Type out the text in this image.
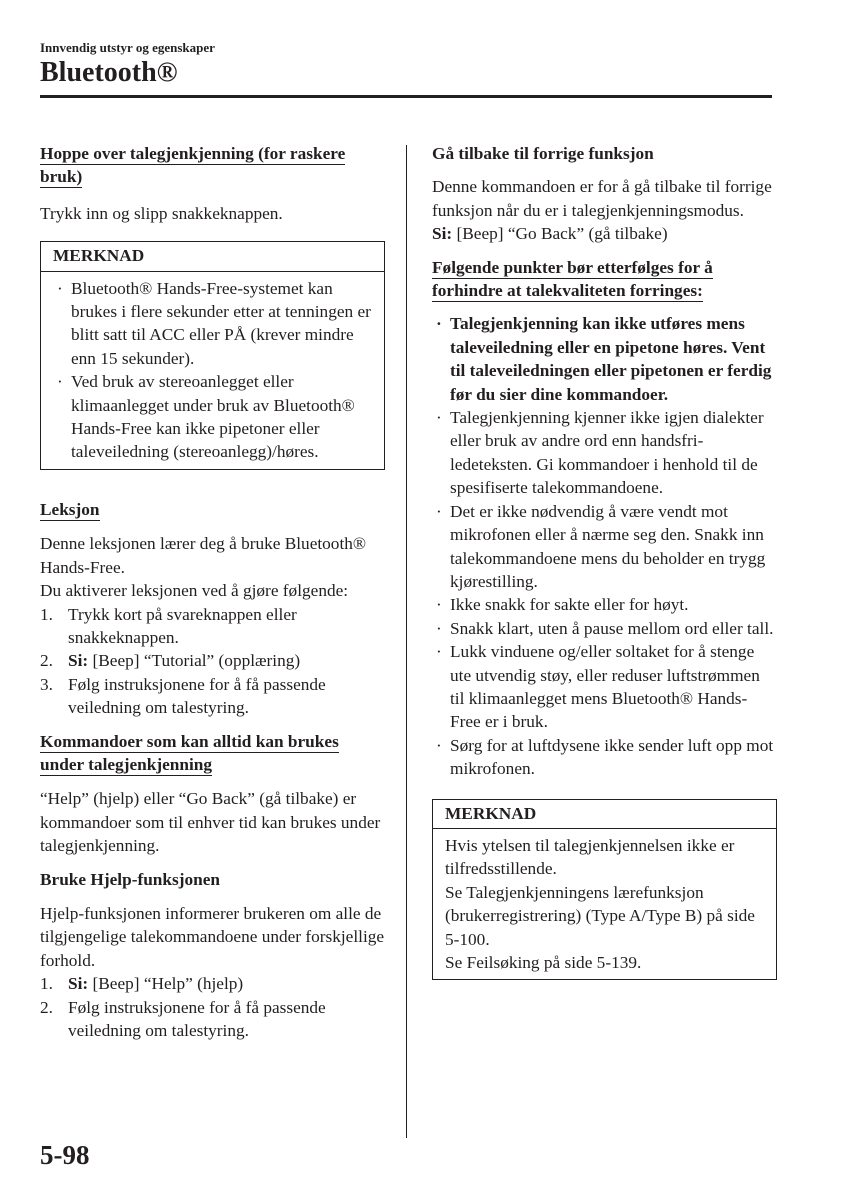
Innvendig utstyr og egenskaper
Bluetooth®

Hoppe over talegjenkjenning (for raskere bruk)

Trykk inn og slipp snakkeknappen.

MERKNAD
· Bluetooth® Hands-Free-systemet kan brukes i flere sekunder etter at tenningen er blitt satt til ACC eller PÅ (krever mindre enn 15 sekunder).
· Ved bruk av stereoanlegget eller klimaanlegget under bruk av Bluetooth® Hands-Free kan ikke pipetoner eller taleveiledning (stereoanlegg)/høres.

Leksjon

Denne leksjonen lærer deg å bruke Bluetooth® Hands-Free.

Du aktiverer leksjonen ved å gjøre følgende:

1. Trykk kort på svareknappen eller snakkeknappen.
2. Si: [Beep] “Tutorial” (opplæring)
3. Følg instruksjonene for å få passende veiledning om talestyring.

Kommandoer som kan alltid kan brukes under talegjenkjenning

“Help” (hjelp) eller “Go Back” (gå tilbake) er kommandoer som til enhver tid kan brukes under talegjenkjenning.

Bruke Hjelp-funksjonen

Hjelp-funksjonen informerer brukeren om alle de tilgjengelige talekommandoene under forskjellige forhold.

1. Si: [Beep] “Help” (hjelp)
2. Følg instruksjonene for å få passende veiledning om talestyring.

Gå tilbake til forrige funksjon

Denne kommandoen er for å gå tilbake til forrige funksjon når du er i talegjenkjenningsmodus.

Si: [Beep] “Go Back” (gå tilbake)

Følgende punkter bør etterfølges for å forhindre at talekvaliteten forringes:

· Talegjenkjenning kan ikke utføres mens taleveiledning eller en pipetone høres. Vent til taleveiledningen eller pipetonen er ferdig før du sier dine kommandoer.
· Talegjenkjenning kjenner ikke igjen dialekter eller bruk av andre ord enn handsfri-ledeteksten. Gi kommandoer i henhold til de spesifiserte talekommandoene.
· Det er ikke nødvendig å være vendt mot mikrofonen eller å nærme seg den. Snakk inn talekommandoene mens du beholder en trygg kjørestilling.
· Ikke snakk for sakte eller for høyt.
· Snakk klart, uten å pause mellom ord eller tall.
· Lukk vinduene og/eller soltaket for å stenge ute utvendig støy, eller reduser luftstrømmen til klimaanlegget mens Bluetooth® Hands-Free er i bruk.
· Sørg for at luftdysene ikke sender luft opp mot mikrofonen.
MERKNAD

Hvis ytelsen til talegjenkjennelsen ikke er tilfredsstillende.

Se Talegjenkjenningens lærefunksjon (brukerregistrering) (Type A/Type B) på side 5-100.

Se Feilsøking på side 5-139.

5-98
